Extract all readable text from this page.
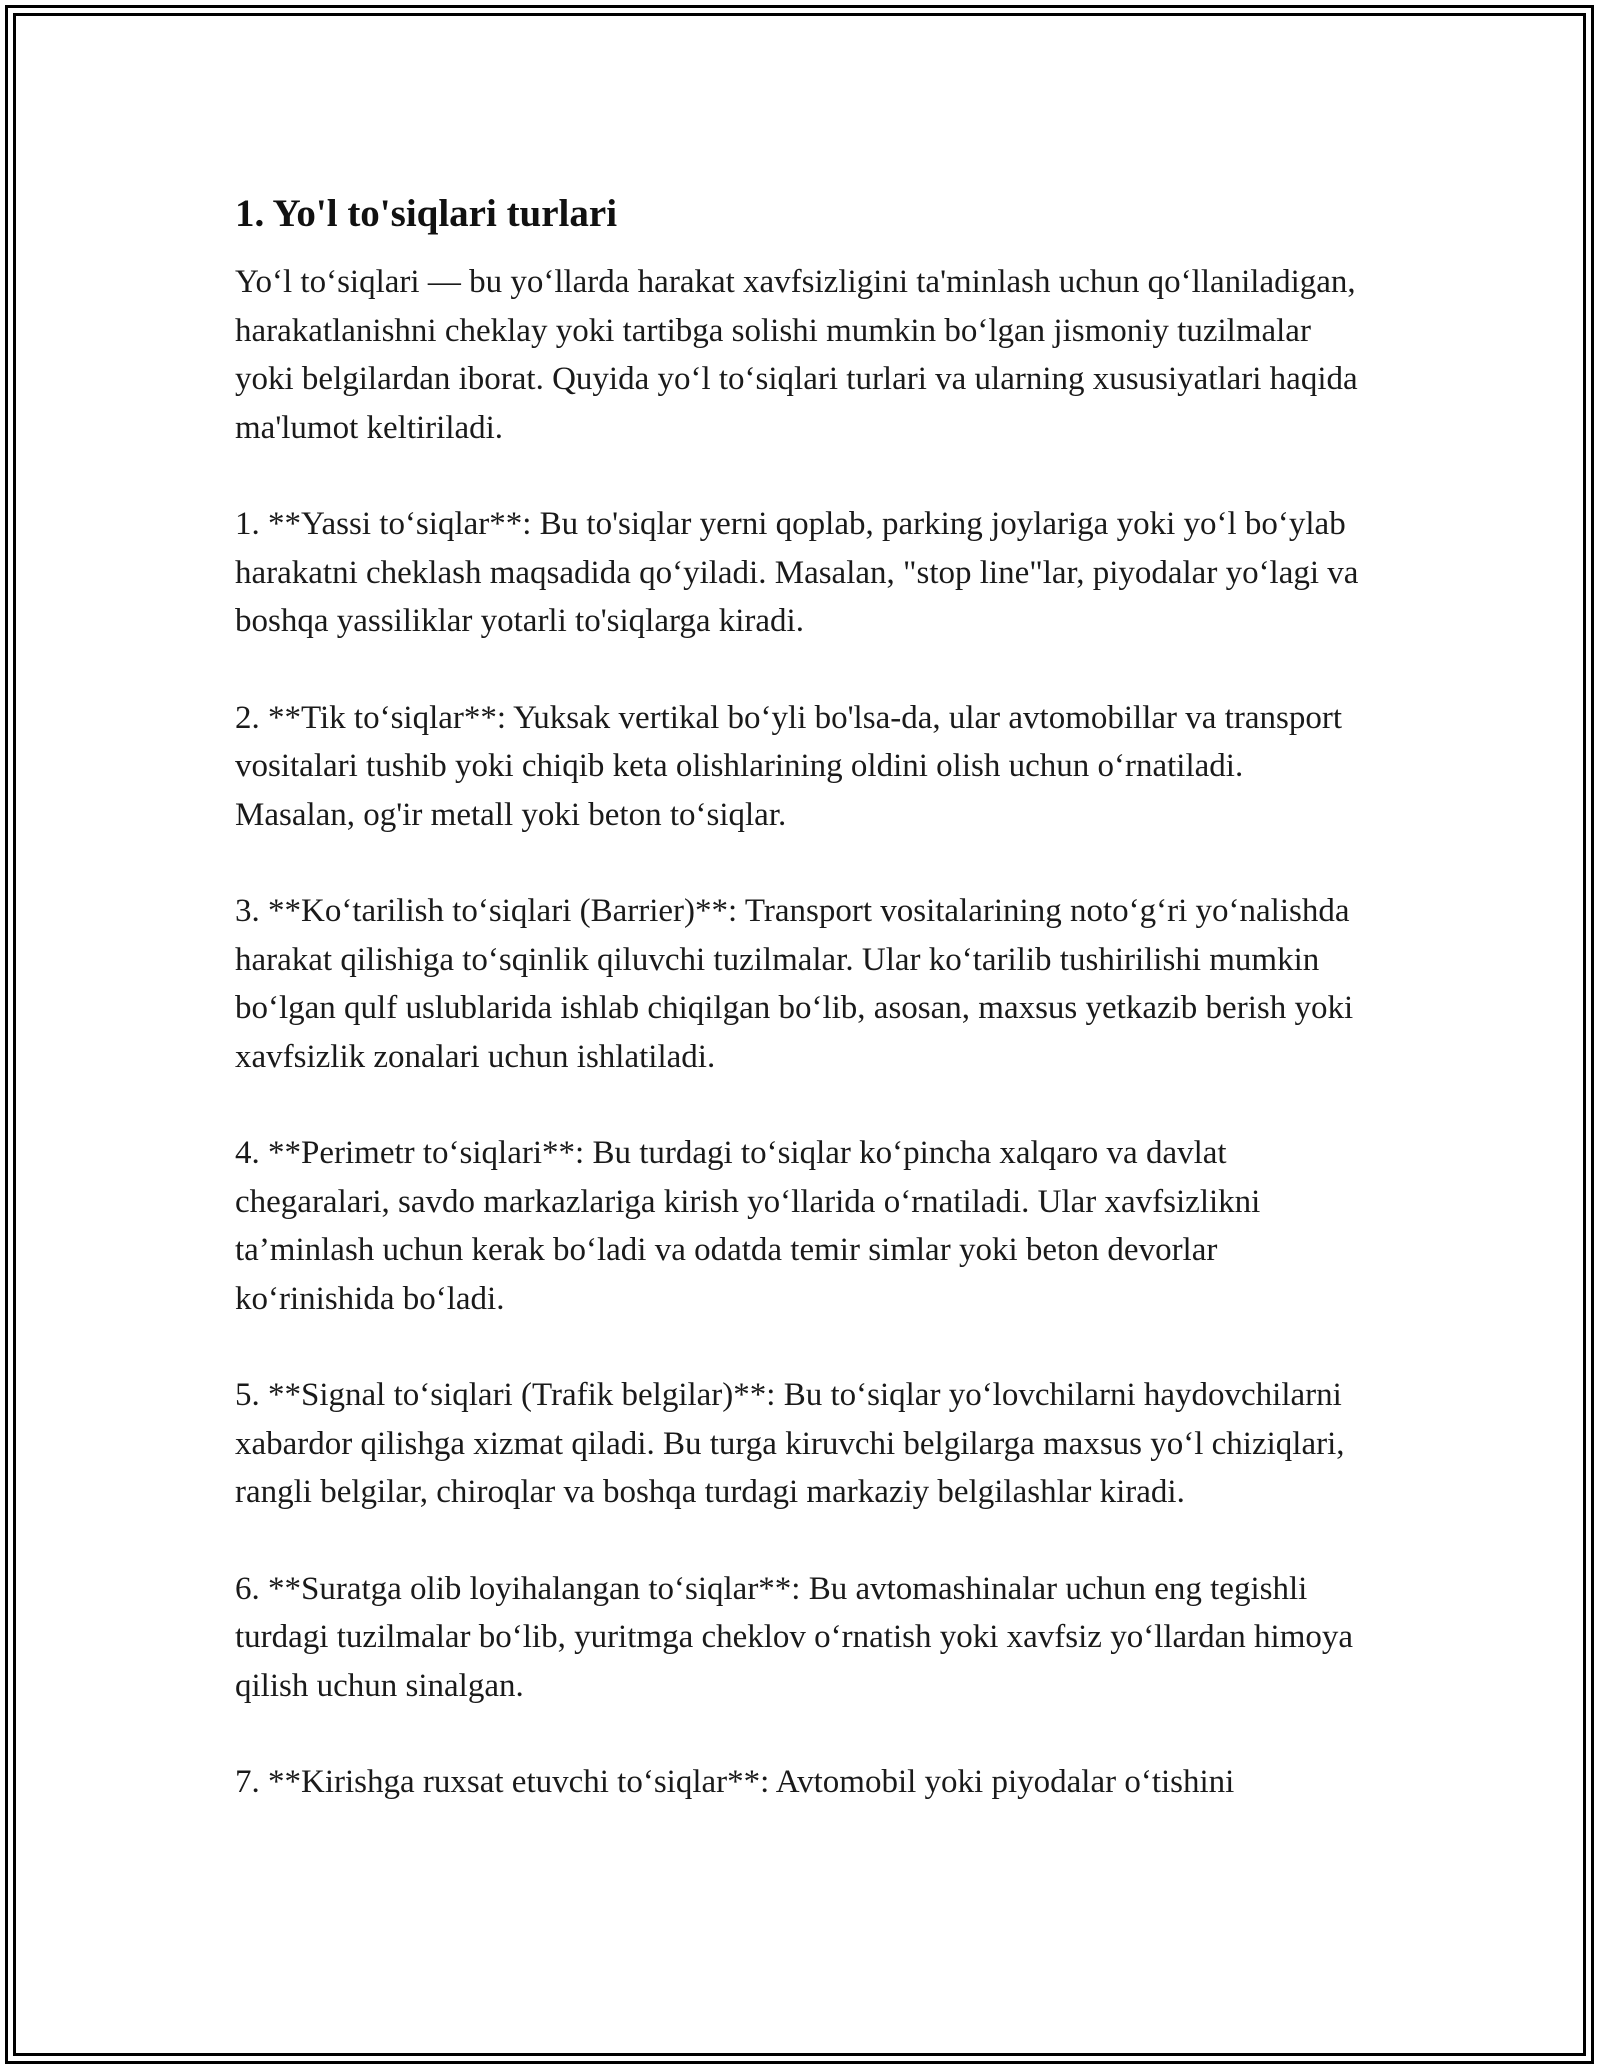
1. Yo'l to'siqlari turlari

Yo‘l to‘siqlari — bu yo‘llarda harakat xavfsizligini ta'minlash uchun qo‘llaniladigan, harakatlanishni cheklay yoki tartibga solishi mumkin bo‘lgan jismoniy tuzilmalar yoki belgilardan iborat. Quyida yo‘l to‘siqlari turlari va ularning xususiyatlari haqida ma'lumot keltiriladi.

1. **Yassi to‘siqlar**: Bu to'siqlar yerni qoplab, parking joylariga yoki yo‘l bo‘ylab harakatni cheklash maqsadida qo‘yiladi. Masalan, "stop line"lar, piyodalar yo‘lagi va boshqa yassiliklar yotarli to'siqlarga kiradi.

2. **Tik to‘siqlar**: Yuksak vertikal bo‘yli bo'lsa-da, ular avtomobillar va transport vositalari tushib yoki chiqib keta olishlarining oldini olish uchun o‘rnatiladi. Masalan, og'ir metall yoki beton to‘siqlar.

3. **Ko‘tarilish to‘siqlari (Barrier)**: Transport vositalarining noto‘g‘ri yo‘nalishda harakat qilishiga to‘sqinlik qiluvchi tuzilmalar. Ular ko‘tarilib tushirilishi mumkin bo‘lgan qulf uslublarida ishlab chiqilgan bo‘lib, asosan, maxsus yetkazib berish yoki xavfsizlik zonalari uchun ishlatiladi.

4. **Perimetr to‘siqlari**: Bu turdagi to‘siqlar ko‘pincha xalqaro va davlat chegaralari, savdo markazlariga kirish yo‘llarida o‘rnatiladi. Ular xavfsizlikni ta’minlash uchun kerak bo‘ladi va odatda temir simlar yoki beton devorlar ko‘rinishida bo‘ladi.

5. **Signal to‘siqlari (Trafik belgilar)**: Bu to‘siqlar yo‘lovchilarni haydovchilarni xabardor qilishga xizmat qiladi. Bu turga kiruvchi belgilarga maxsus yo‘l chiziqlari, rangli belgilar, chiroqlar va boshqa turdagi markaziy belgilashlar kiradi.

6. **Suratga olib loyihalangan to‘siqlar**: Bu avtomashinalar uchun eng tegishli turdagi tuzilmalar bo‘lib, yuritmga cheklov o‘rnatish yoki xavfsiz yo‘llardan himoya qilish uchun sinalgan.

7. **Kirishga ruxsat etuvchi to‘siqlar**: Avtomobil yoki piyodalar o‘tishini
